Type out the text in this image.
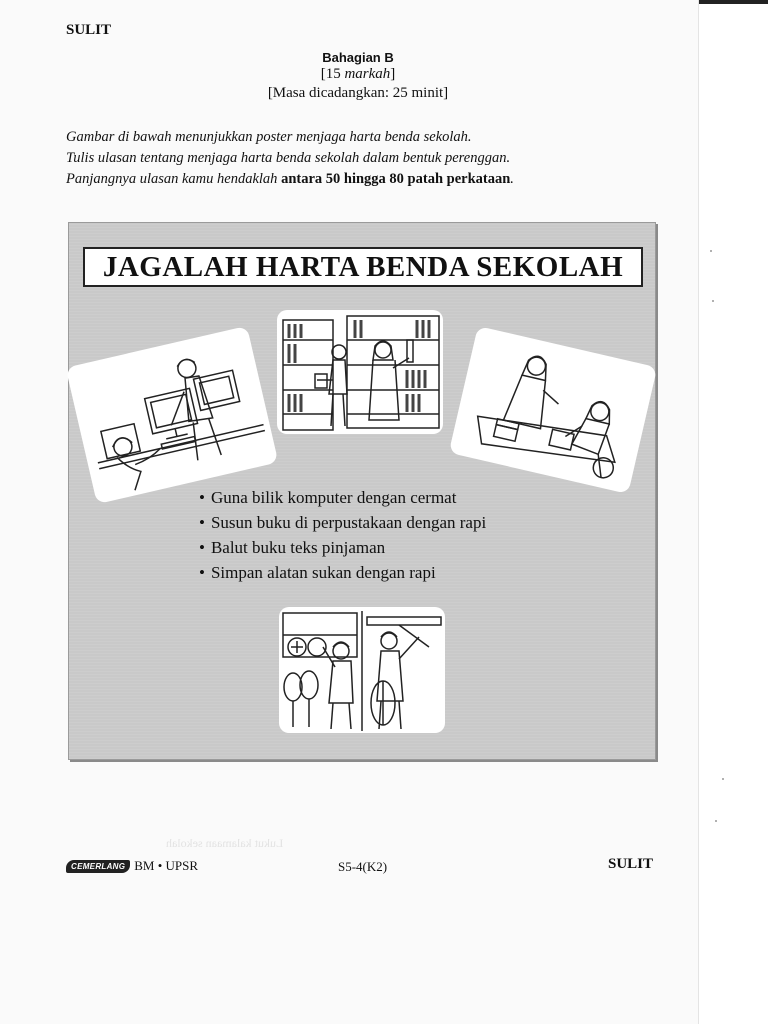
SULIT
Bahagian B
[15 markah]
[Masa dicadangkan: 25 minit]
Gambar di bawah menunjukkan poster menjaga harta benda sekolah.
Tulis ulasan tentang menjaga harta benda sekolah dalam bentuk perenggan.
Panjangnya ulasan kamu hendaklah antara 50 hingga 80 patah perkataan.
JAGALAH HARTA BENDA SEKOLAH
• Guna bilik komputer dengan cermat
• Susun buku di perpustakaan dengan rapi
• Balut buku teks pinjaman
• Simpan alatan sukan dengan rapi
Lukut kalamaan sekolah
CEMERLANG BM • UPSR	S5-4(K2)	SULIT
